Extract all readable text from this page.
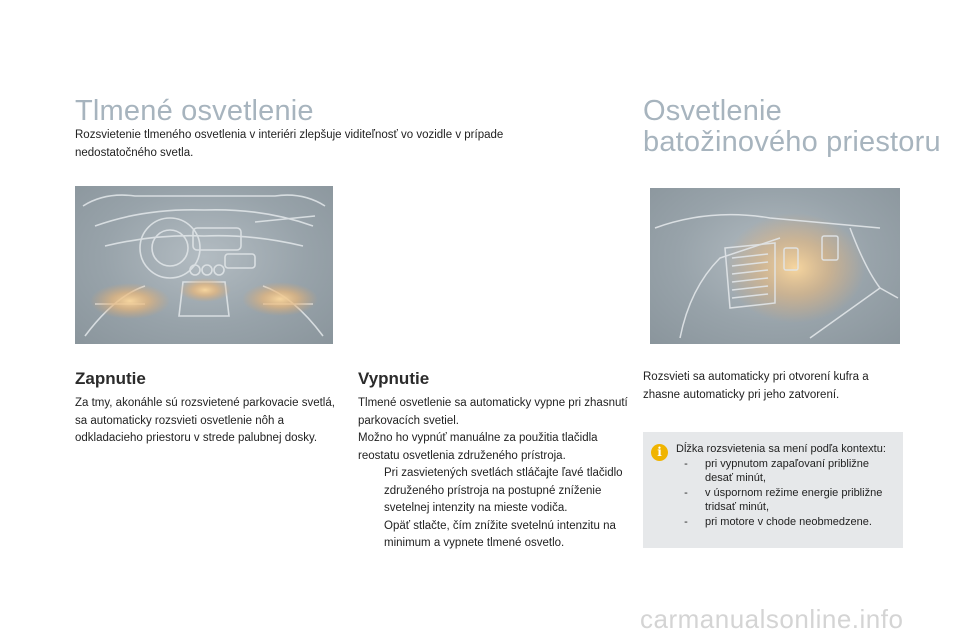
Tlmené osvetlenie
Rozsvietenie tlmeného osvetlenia v interiéri zlepšuje viditeľnosť vo vozidle v prípade nedostatočného svetla.
Osvetlenie
batožinového priestoru
Zapnutie
Za tmy, akonáhle sú rozsvietené parkovacie svetlá, sa automaticky rozsvieti osvetlenie nôh a odkladacieho priestoru v strede palubnej dosky.
Vypnutie
Tlmené osvetlenie sa automaticky vypne pri zhasnutí parkovacích svetiel.
Možno ho vypnúť manuálne za použitia tlačidla reostatu osvetlenia združeného prístroja.
Pri zasvietených svetlách stláčajte ľavé tlačidlo združeného prístroja na postupné zníženie svetelnej intenzity na mieste vodiča.
Opäť stlačte, čím znížite svetelnú intenzitu na minimum a vypnete tlmené osvetlo.
Rozsvieti sa automaticky pri otvorení kufra a zhasne automaticky pri jeho zatvorení.
i	Dĺžka rozsvietenia sa mení podľa kontextu:
-	pri vypnutom zapaľovaní približne desať minút,
-	v úspornom režime energie približne tridsať minút,
-	pri motore v chode neobmedzene.
carmanualsonline.info
